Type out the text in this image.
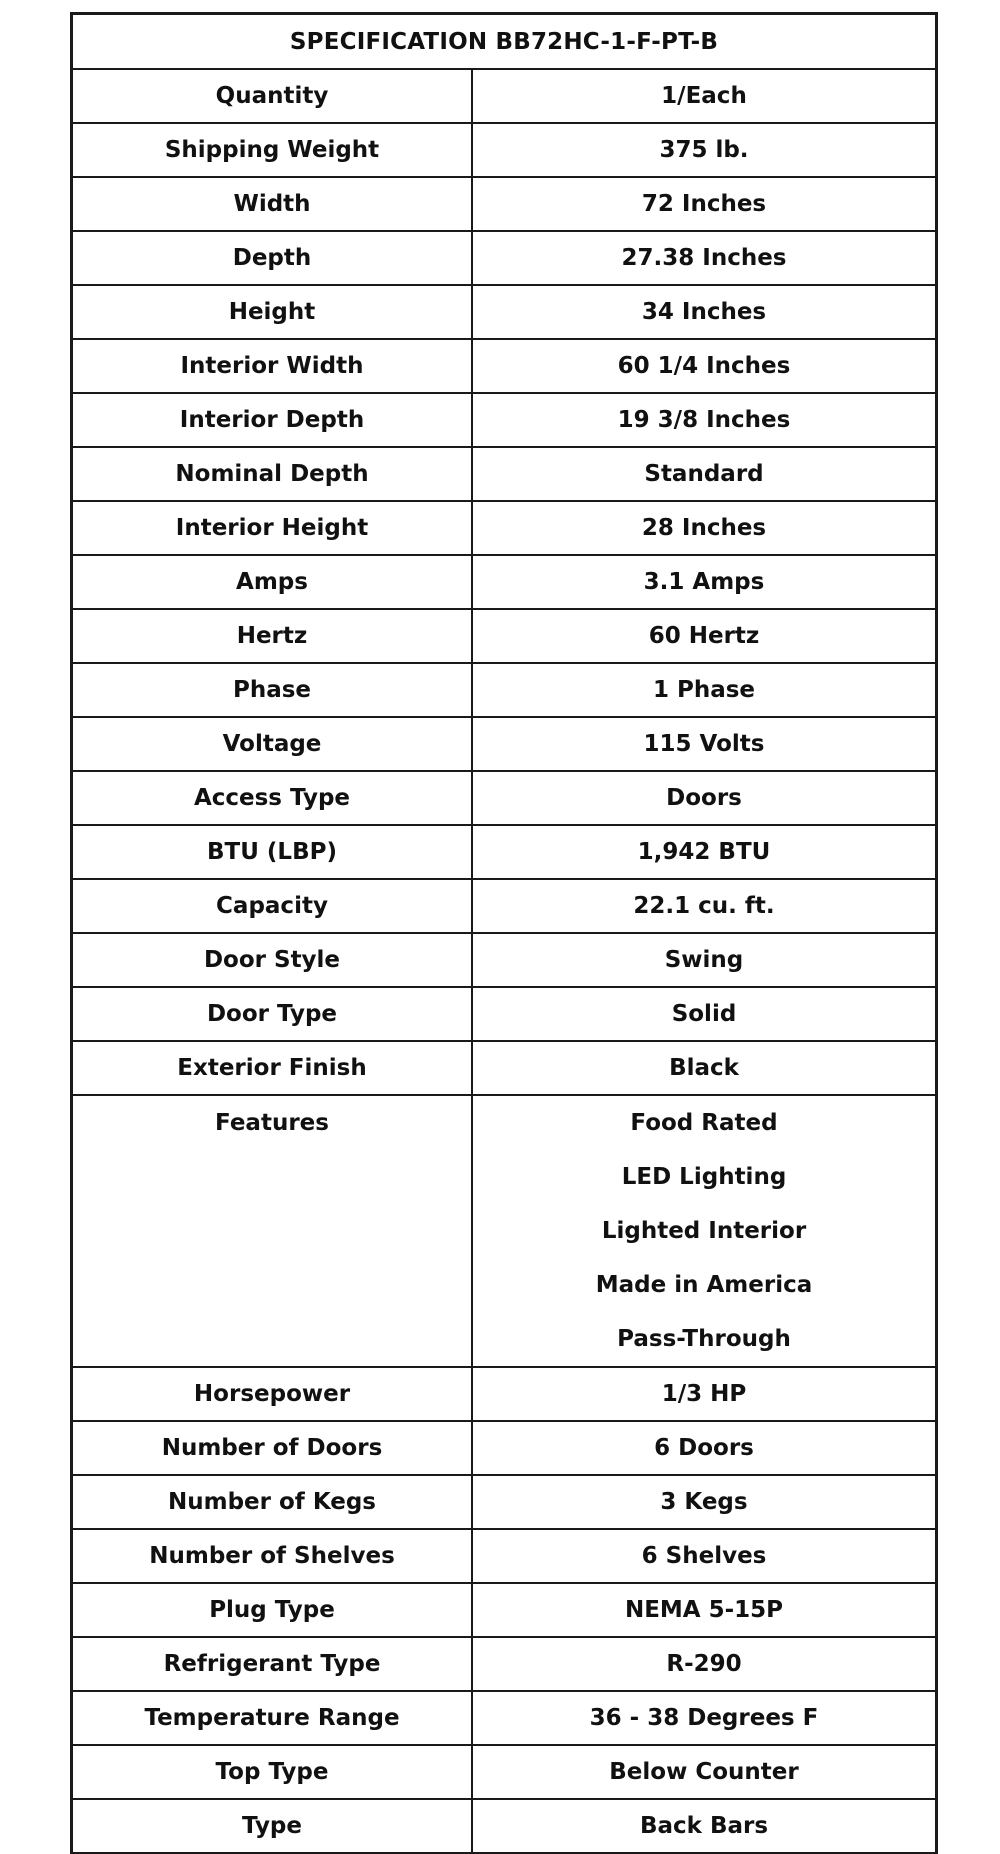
SPECIFICATION BB72HC-1-F-PT-B
Quantity	1/Each
Shipping Weight	375 lb.
Width	72 Inches
Depth	27.38 Inches
Height	34 Inches
Interior Width	60 1/4 Inches
Interior Depth	19 3/8 Inches
Nominal Depth	Standard
Interior Height	28 Inches
Amps	3.1 Amps
Hertz	60 Hertz
Phase	1 Phase
Voltage	115 Volts
Access Type	Doors
BTU (LBP)	1,942 BTU
Capacity	22.1 cu. ft.
Door Style	Swing
Door Type	Solid
Exterior Finish	Black
Features	Food Rated
LED Lighting
Lighted Interior
Made in America
Pass-Through
Horsepower	1/3 HP
Number of Doors	6 Doors
Number of Kegs	3 Kegs
Number of Shelves	6 Shelves
Plug Type	NEMA 5-15P
Refrigerant Type	R-290
Temperature Range	36 - 38 Degrees F
Top Type	Below Counter
Type	Back Bars
